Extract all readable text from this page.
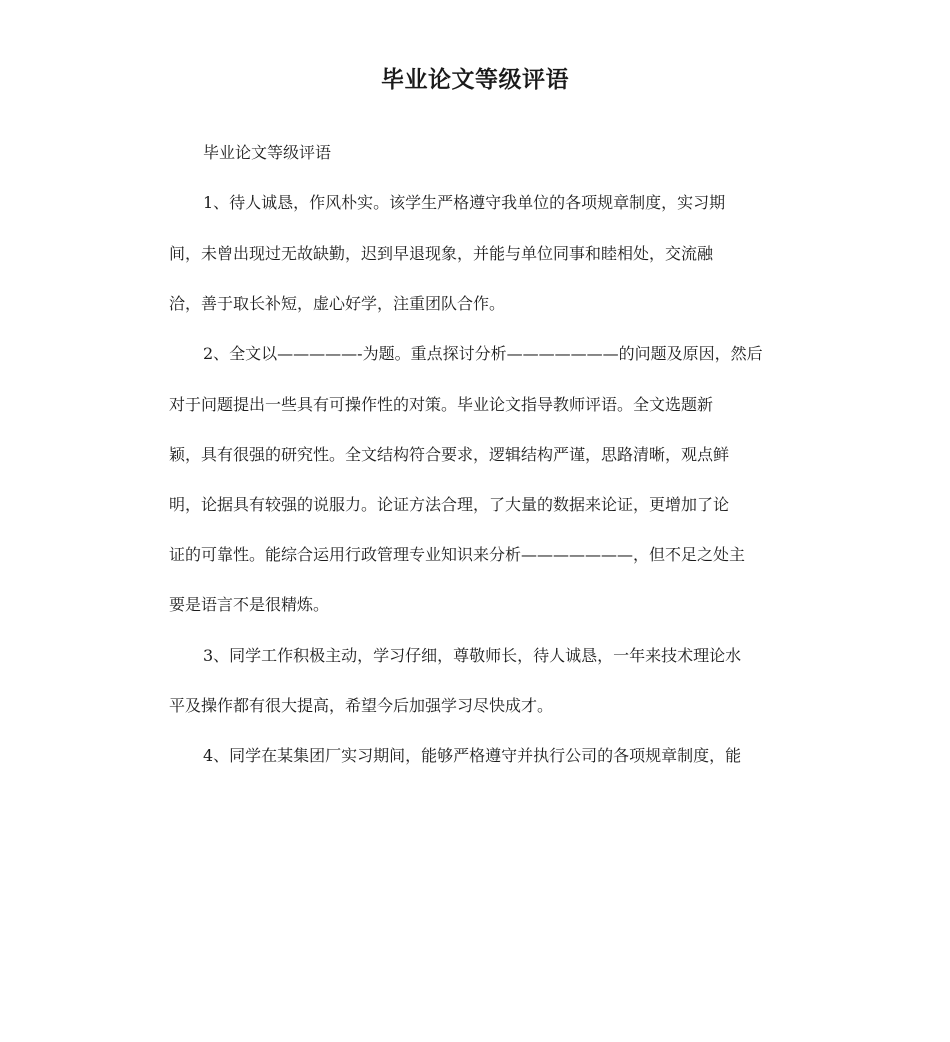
毕业论文等级评语

毕业论文等级评语

1、待人诚恳，作风朴实。该学生严格遵守我单位的各项规章制度，实习期

间，未曾出现过无故缺勤，迟到早退现象，并能与单位同事和睦相处，交流融

洽，善于取长补短，虚心好学，注重团队合作。

2、全文以—————-为题。重点探讨分析———————的问题及原因，然后

对于问题提出一些具有可操作性的对策。毕业论文指导教师评语。全文选题新

颖，具有很强的研究性。全文结构符合要求，逻辑结构严谨，思路清晰，观点鲜

明，论据具有较强的说服力。论证方法合理，了大量的数据来论证，更增加了论

证的可靠性。能综合运用行政管理专业知识来分析———————，但不足之处主

要是语言不是很精炼。

3、同学工作积极主动，学习仔细，尊敬师长，待人诚恳，一年来技术理论水

平及操作都有很大提高，希望今后加强学习尽快成才。

4、同学在某集团厂实习期间，能够严格遵守并执行公司的各项规章制度，能
